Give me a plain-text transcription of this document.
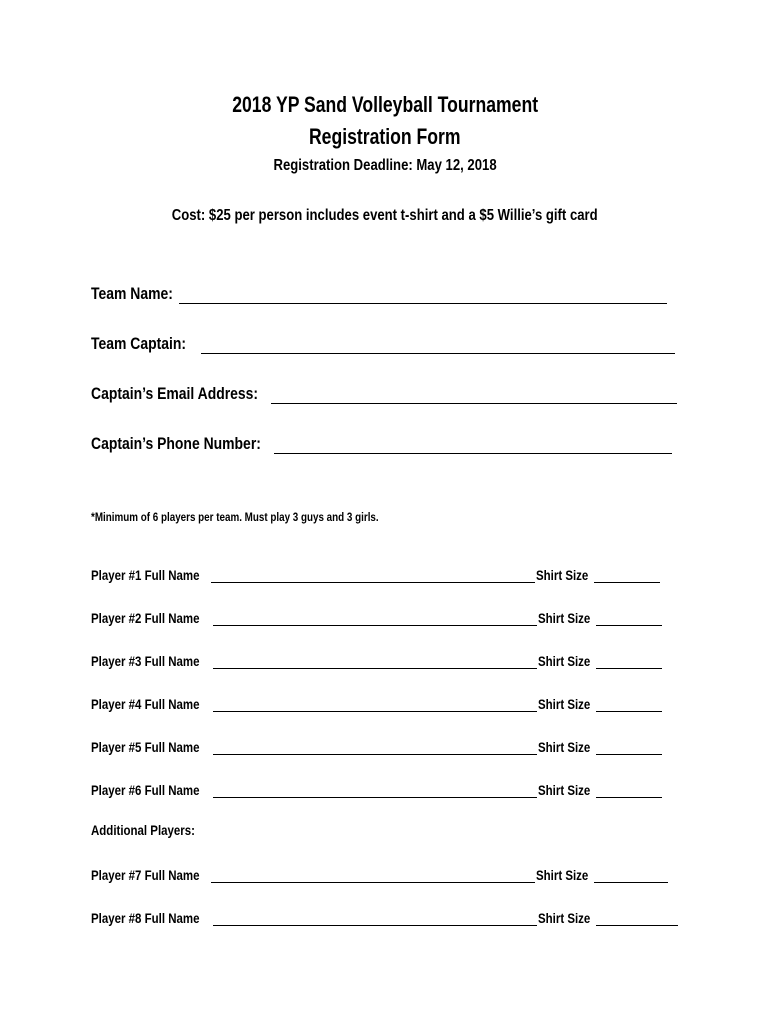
2018 YP Sand Volleyball Tournament
Registration Form
Registration Deadline: May 12, 2018
Cost: $25 per person includes event t-shirt and a $5 Willie’s gift card
Team Name:
Team Captain:
Captain’s Email Address:
Captain’s Phone Number:
*Minimum of 6 players per team. Must play 3 guys and 3 girls.
Player #1 Full Name	Shirt Size
Player #2 Full Name	Shirt Size
Player #3 Full Name	Shirt Size
Player #4 Full Name	Shirt Size
Player #5 Full Name	Shirt Size
Player #6 Full Name	Shirt Size
Additional Players:
Player #7 Full Name	Shirt Size
Player #8 Full Name	Shirt Size
